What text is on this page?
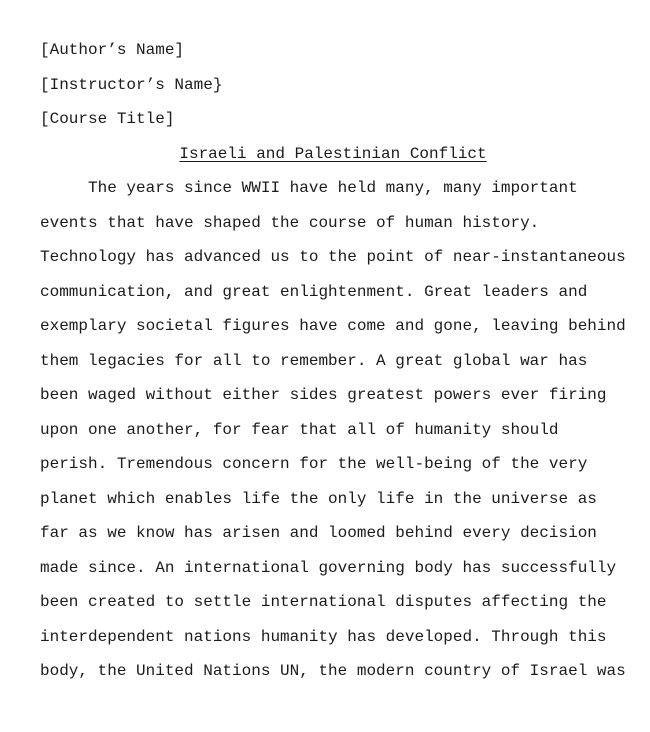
[Author’s Name]
[Instructor’s Name}
[Course Title]
Israeli and Palestinian Conflict
The years since WWII have held many, many important
events that have shaped the course of human history.
Technology has advanced us to the point of near-instantaneous
communication, and great enlightenment. Great leaders and
exemplary societal figures have come and gone, leaving behind
them legacies for all to remember. A great global war has
been waged without either sides greatest powers ever firing
upon one another, for fear that all of humanity should
perish. Tremendous concern for the well-being of the very
planet which enables life the only life in the universe as
far as we know has arisen and loomed behind every decision
made since. An international governing body has successfully
been created to settle international disputes affecting the
interdependent nations humanity has developed. Through this
body, the United Nations UN, the modern country of Israel was
